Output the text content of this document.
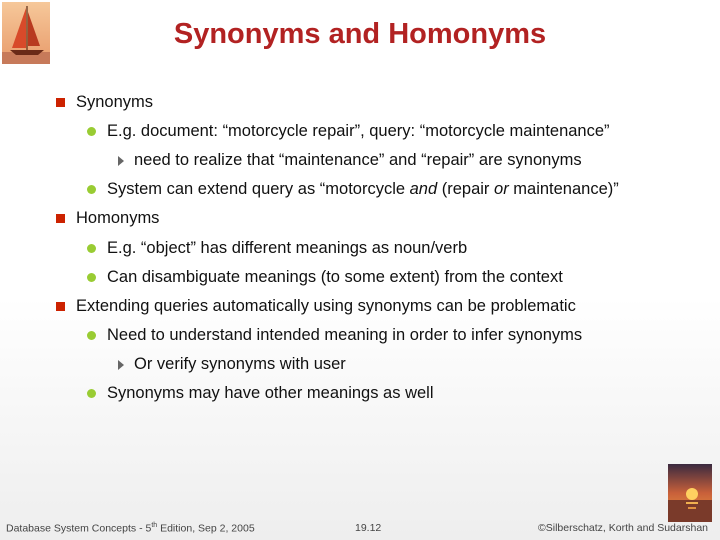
Synonyms and Homonyms
Synonyms
E.g. document: “motorcycle repair”, query: “motorcycle maintenance”
need to realize that “maintenance” and “repair” are synonyms
System can extend query as “motorcycle and (repair or maintenance)”
Homonyms
E.g. “object” has different meanings as noun/verb
Can disambiguate meanings (to some extent) from the context
Extending queries automatically using synonyms can be problematic
Need to understand intended meaning in order to infer synonyms
Or verify synonyms with user
Synonyms may have other meanings as well
Database System Concepts - 5th Edition, Sep 2, 2005	19.12	©Silberschatz, Korth and Sudarshan
